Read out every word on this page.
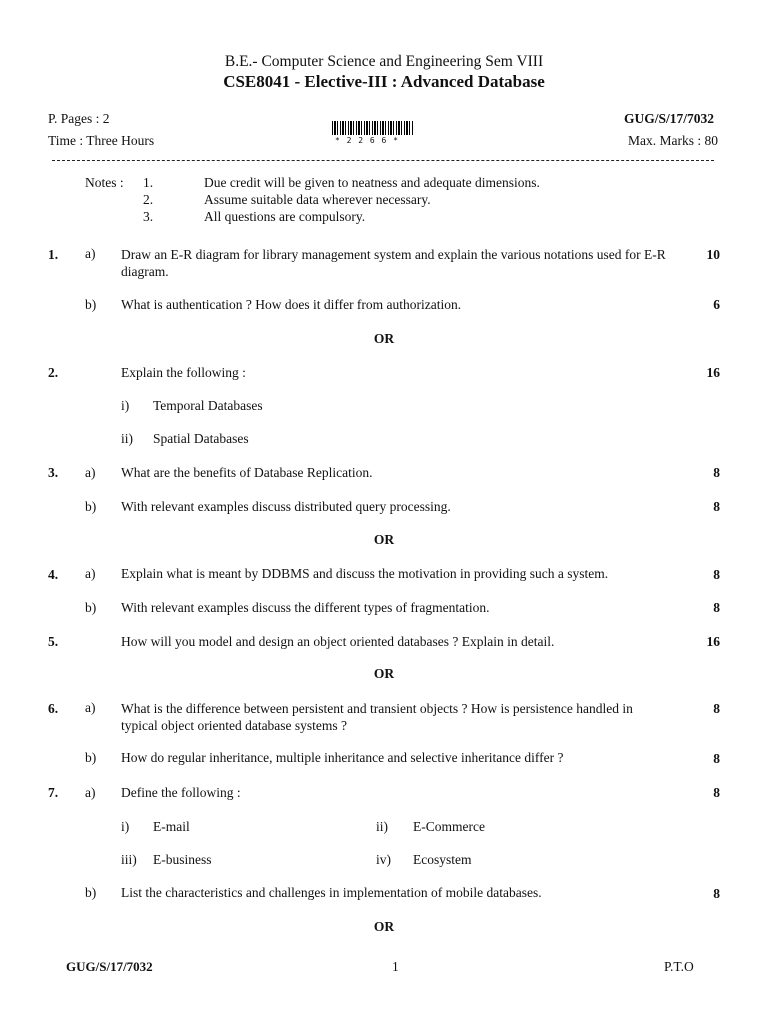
B.E.- Computer Science and Engineering Sem VIII
CSE8041 - Elective-III : Advanced Database
P. Pages : 2	GUG/S/17/7032
Time : Three Hours	* 2 2 6 6 *	Max. Marks : 80
Notes : 1.	Due credit will be given to neatness and adequate dimensions.
2.	Assume suitable data wherever necessary.
3.	All questions are compulsory.
1. a) Draw an E-R diagram for library management system and explain the various notations used for E-R diagram.
10
b) What is authentication ? How does it differ from authorization.	6
OR
2.	Explain the following :	16
i) Temporal Databases
ii) Spatial Databases
3. a) What are the benefits of Database Replication.	8
b) With relevant examples discuss distributed query processing.	8
OR
4. a) Explain what is meant by DDBMS and discuss the motivation in providing such a system.	8
b) With relevant examples discuss the different types of fragmentation.	8
5.	How will you model and design an object oriented databases ? Explain in detail.	16
OR
6. a) What is the difference between persistent and transient objects ? How is persistence handled in typical object oriented database systems ?
8
b) How do regular inheritance, multiple inheritance and selective inheritance differ ?	8
7. a) Define the following :	8
i) E-mail	ii) E-Commerce
iii) E-business	iv) Ecosystem
b) List the characteristics and challenges in implementation of mobile databases.	8
OR
GUG/S/17/7032	1	P.T.O
